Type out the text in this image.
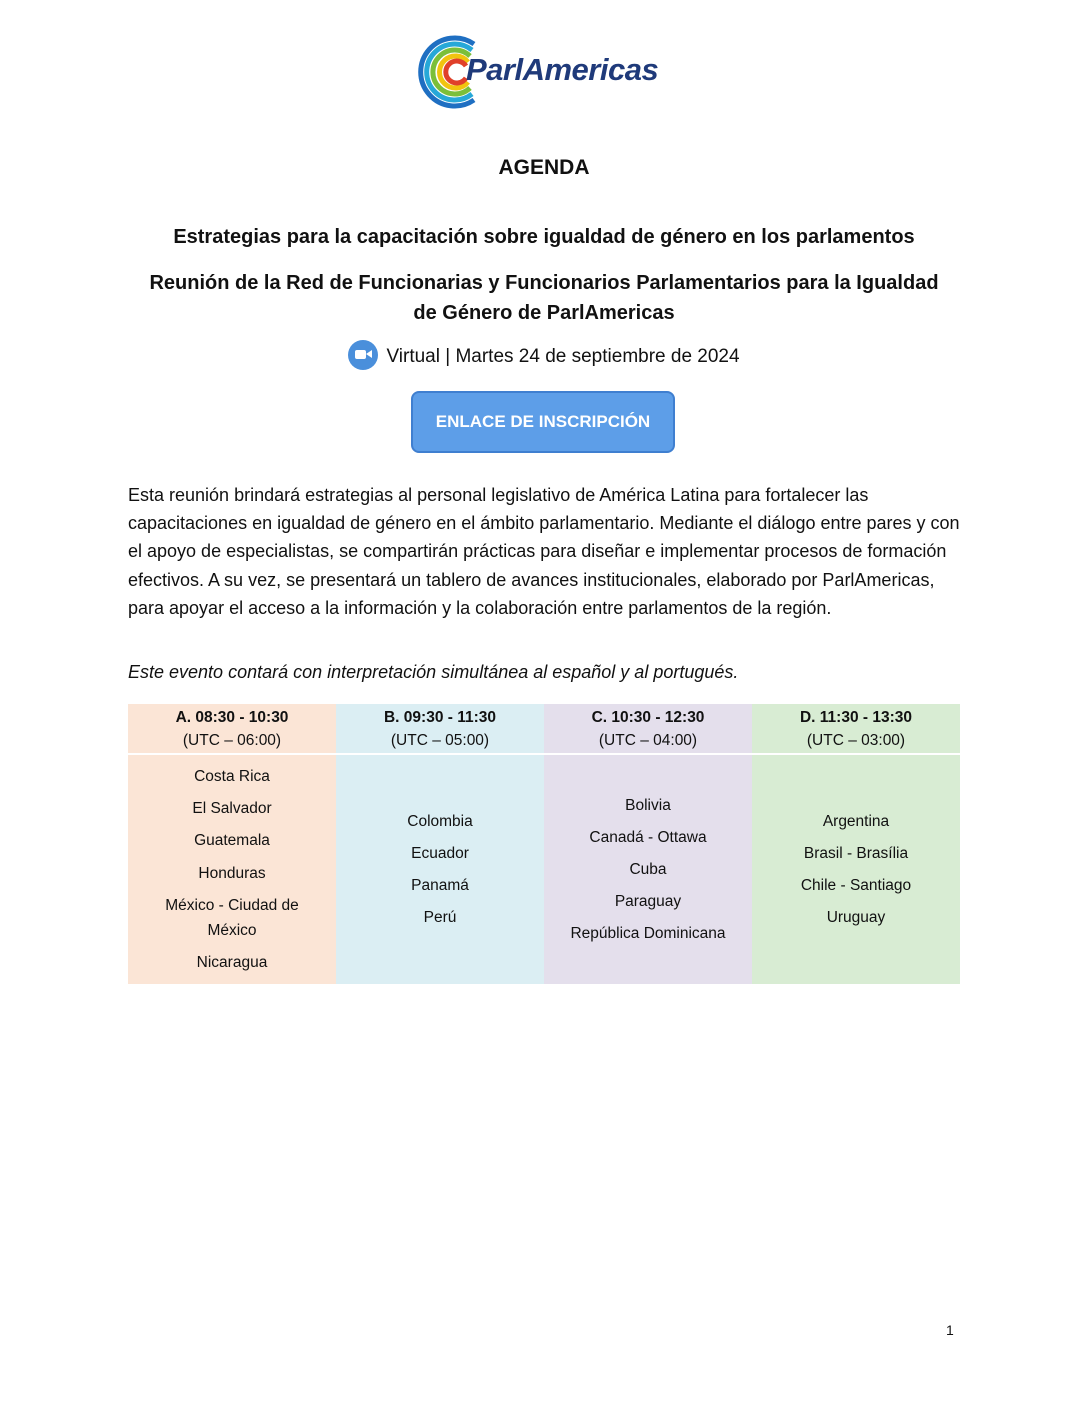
ParlAmericas
AGENDA
Estrategias para la capacitación sobre igualdad de género en los parlamentos
Reunión de la Red de Funcionarias y Funcionarios Parlamentarios para la Igualdad de Género de ParlAmericas
Virtual | Martes 24 de septiembre de 2024
ENLACE DE INSCRIPCIÓN
Esta reunión brindará estrategias al personal legislativo de América Latina para fortalecer las capacitaciones en igualdad de género en el ámbito parlamentario. Mediante el diálogo entre pares y con el apoyo de especialistas, se compartirán prácticas para diseñar e implementar procesos de formación efectivos. A su vez, se presentará un tablero de avances institucionales, elaborado por ParlAmericas, para apoyar el acceso a la información y la colaboración entre parlamentos de la región.
Este evento contará con interpretación simultánea al español y al portugués.
A. 08:30 - 10:30
(UTC – 06:00)
Costa Rica
El Salvador
Guatemala
Honduras
México - Ciudad de México
Nicaragua
B. 09:30 - 11:30
(UTC – 05:00)
Colombia
Ecuador
Panamá
Perú
C. 10:30 - 12:30
(UTC – 04:00)
Bolivia
Canadá - Ottawa
Cuba
Paraguay
República Dominicana
D. 11:30 - 13:30
(UTC – 03:00)
Argentina
Brasil - Brasília
Chile - Santiago
Uruguay
1
